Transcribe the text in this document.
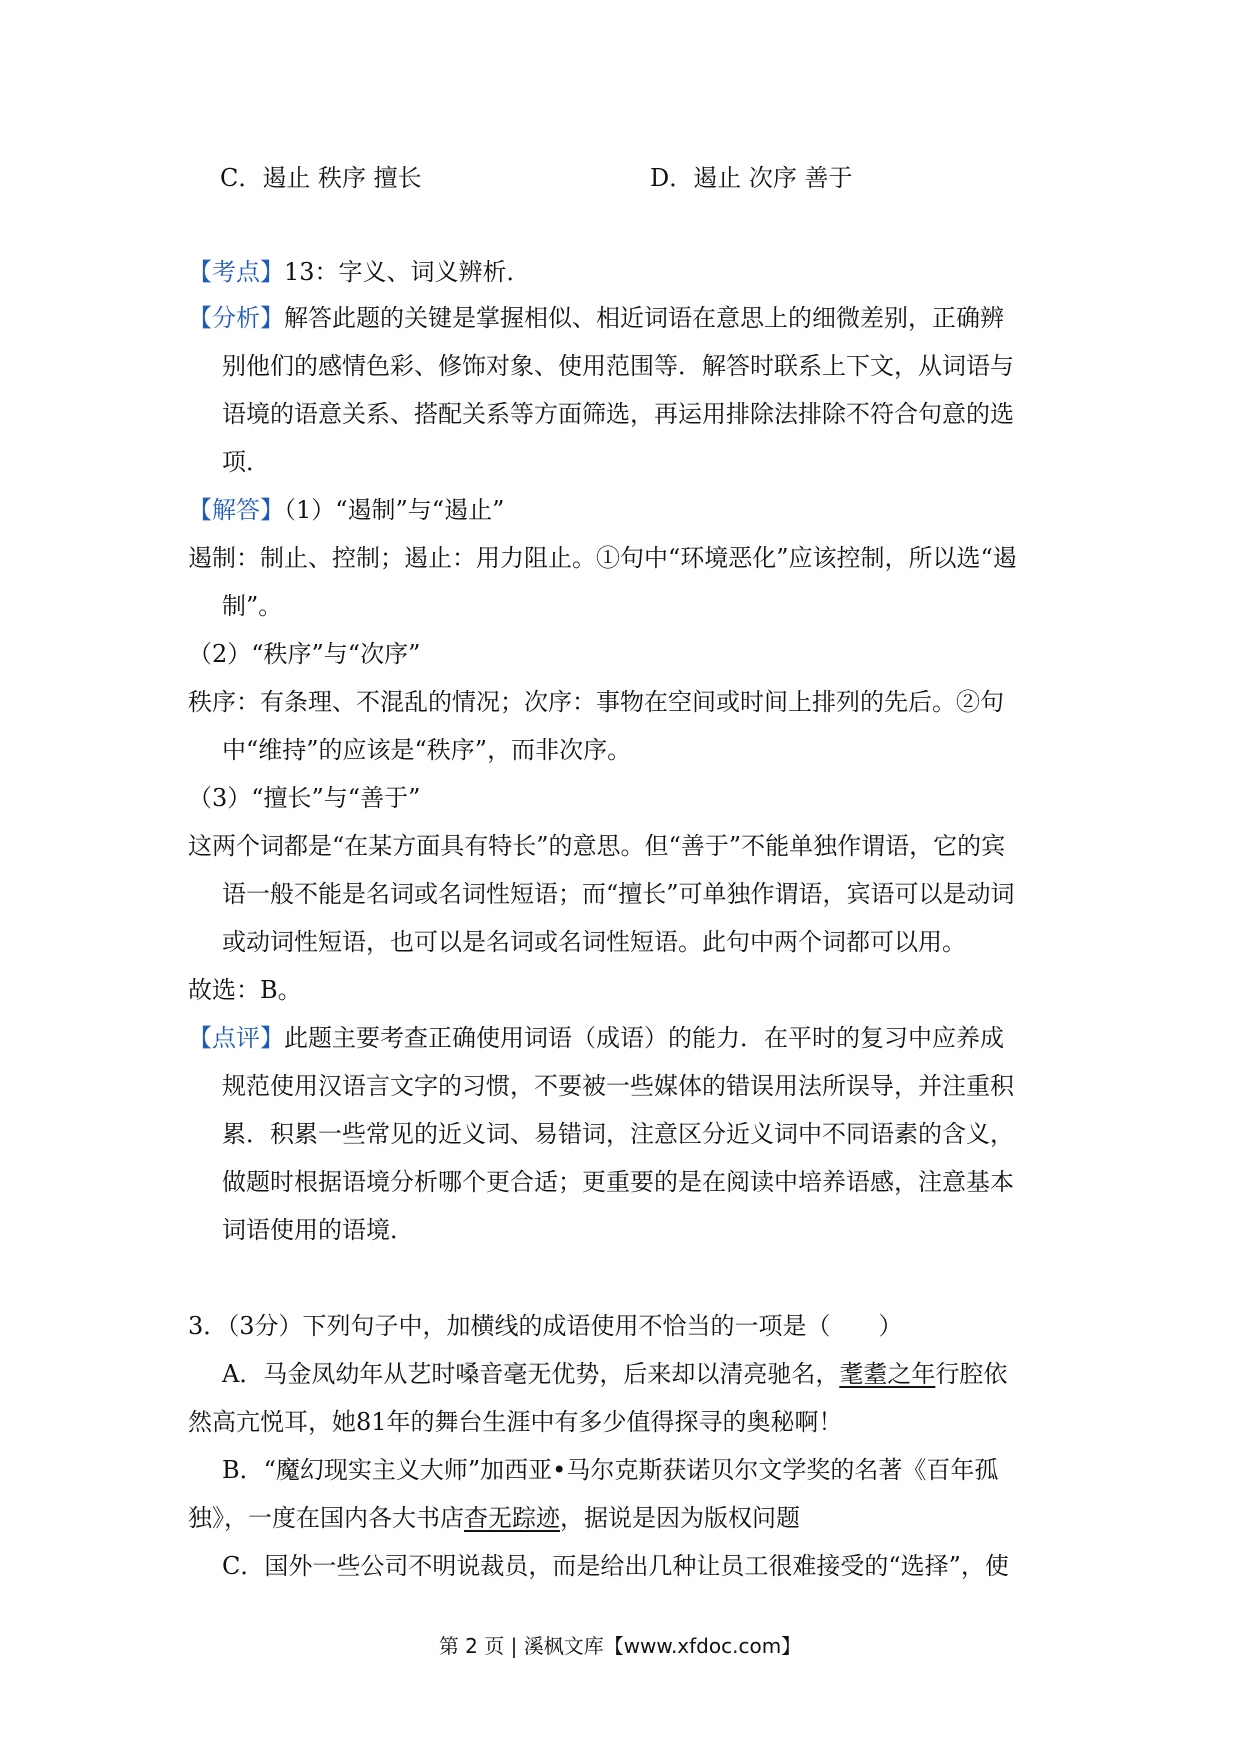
C．遏止 秩序 擅长	D．遏止 次序 善于
【考点】13：字义、词义辨析．
【分析】解答此题的关键是掌握相似、相近词语在意思上的细微差别，正确辨
别他们的感情色彩、修饰对象、使用范围等．解答时联系上下文，从词语与
语境的语意关系、搭配关系等方面筛选，再运用排除法排除不符合句意的选
项．
【解答】（1）“遏制”与“遏止”
遏制：制止、控制；遏止：用力阻止。①句中“环境恶化”应该控制，所以选“遏
制”。
（2）“秩序”与“次序”
秩序：有条理、不混乱的情况；次序：事物在空间或时间上排列的先后。②句
中“维持”的应该是“秩序”，而非次序。
（3）“擅长”与“善于”
这两个词都是“在某方面具有特长”的意思。但“善于”不能单独作谓语，它的宾
语一般不能是名词或名词性短语；而“擅长”可单独作谓语，宾语可以是动词
或动词性短语，也可以是名词或名词性短语。此句中两个词都可以用。
故选：B。
【点评】此题主要考查正确使用词语（成语）的能力．在平时的复习中应养成
规范使用汉语言文字的习惯，不要被一些媒体的错误用法所误导，并注重积
累．积累一些常见的近义词、易错词，注意区分近义词中不同语素的含义，
做题时根据语境分析哪个更合适；更重要的是在阅读中培养语感，注意基本
词语使用的语境．
3．（3分）下列句子中，加横线的成语使用不恰当的一项是（　　）
A．马金凤幼年从艺时嗓音毫无优势，后来却以清亮驰名，耄耋之年行腔依
然高亢悦耳，她81年的舞台生涯中有多少值得探寻的奥秘啊！
B．“魔幻现实主义大师”加西亚•马尔克斯获诺贝尔文学奖的名著《百年孤
独》，一度在国内各大书店杳无踪迹，据说是因为版权问题
C．国外一些公司不明说裁员，而是给出几种让员工很难接受的“选择”，使
第 2 页 | 溪枫文库【www.xfdoc.com】
